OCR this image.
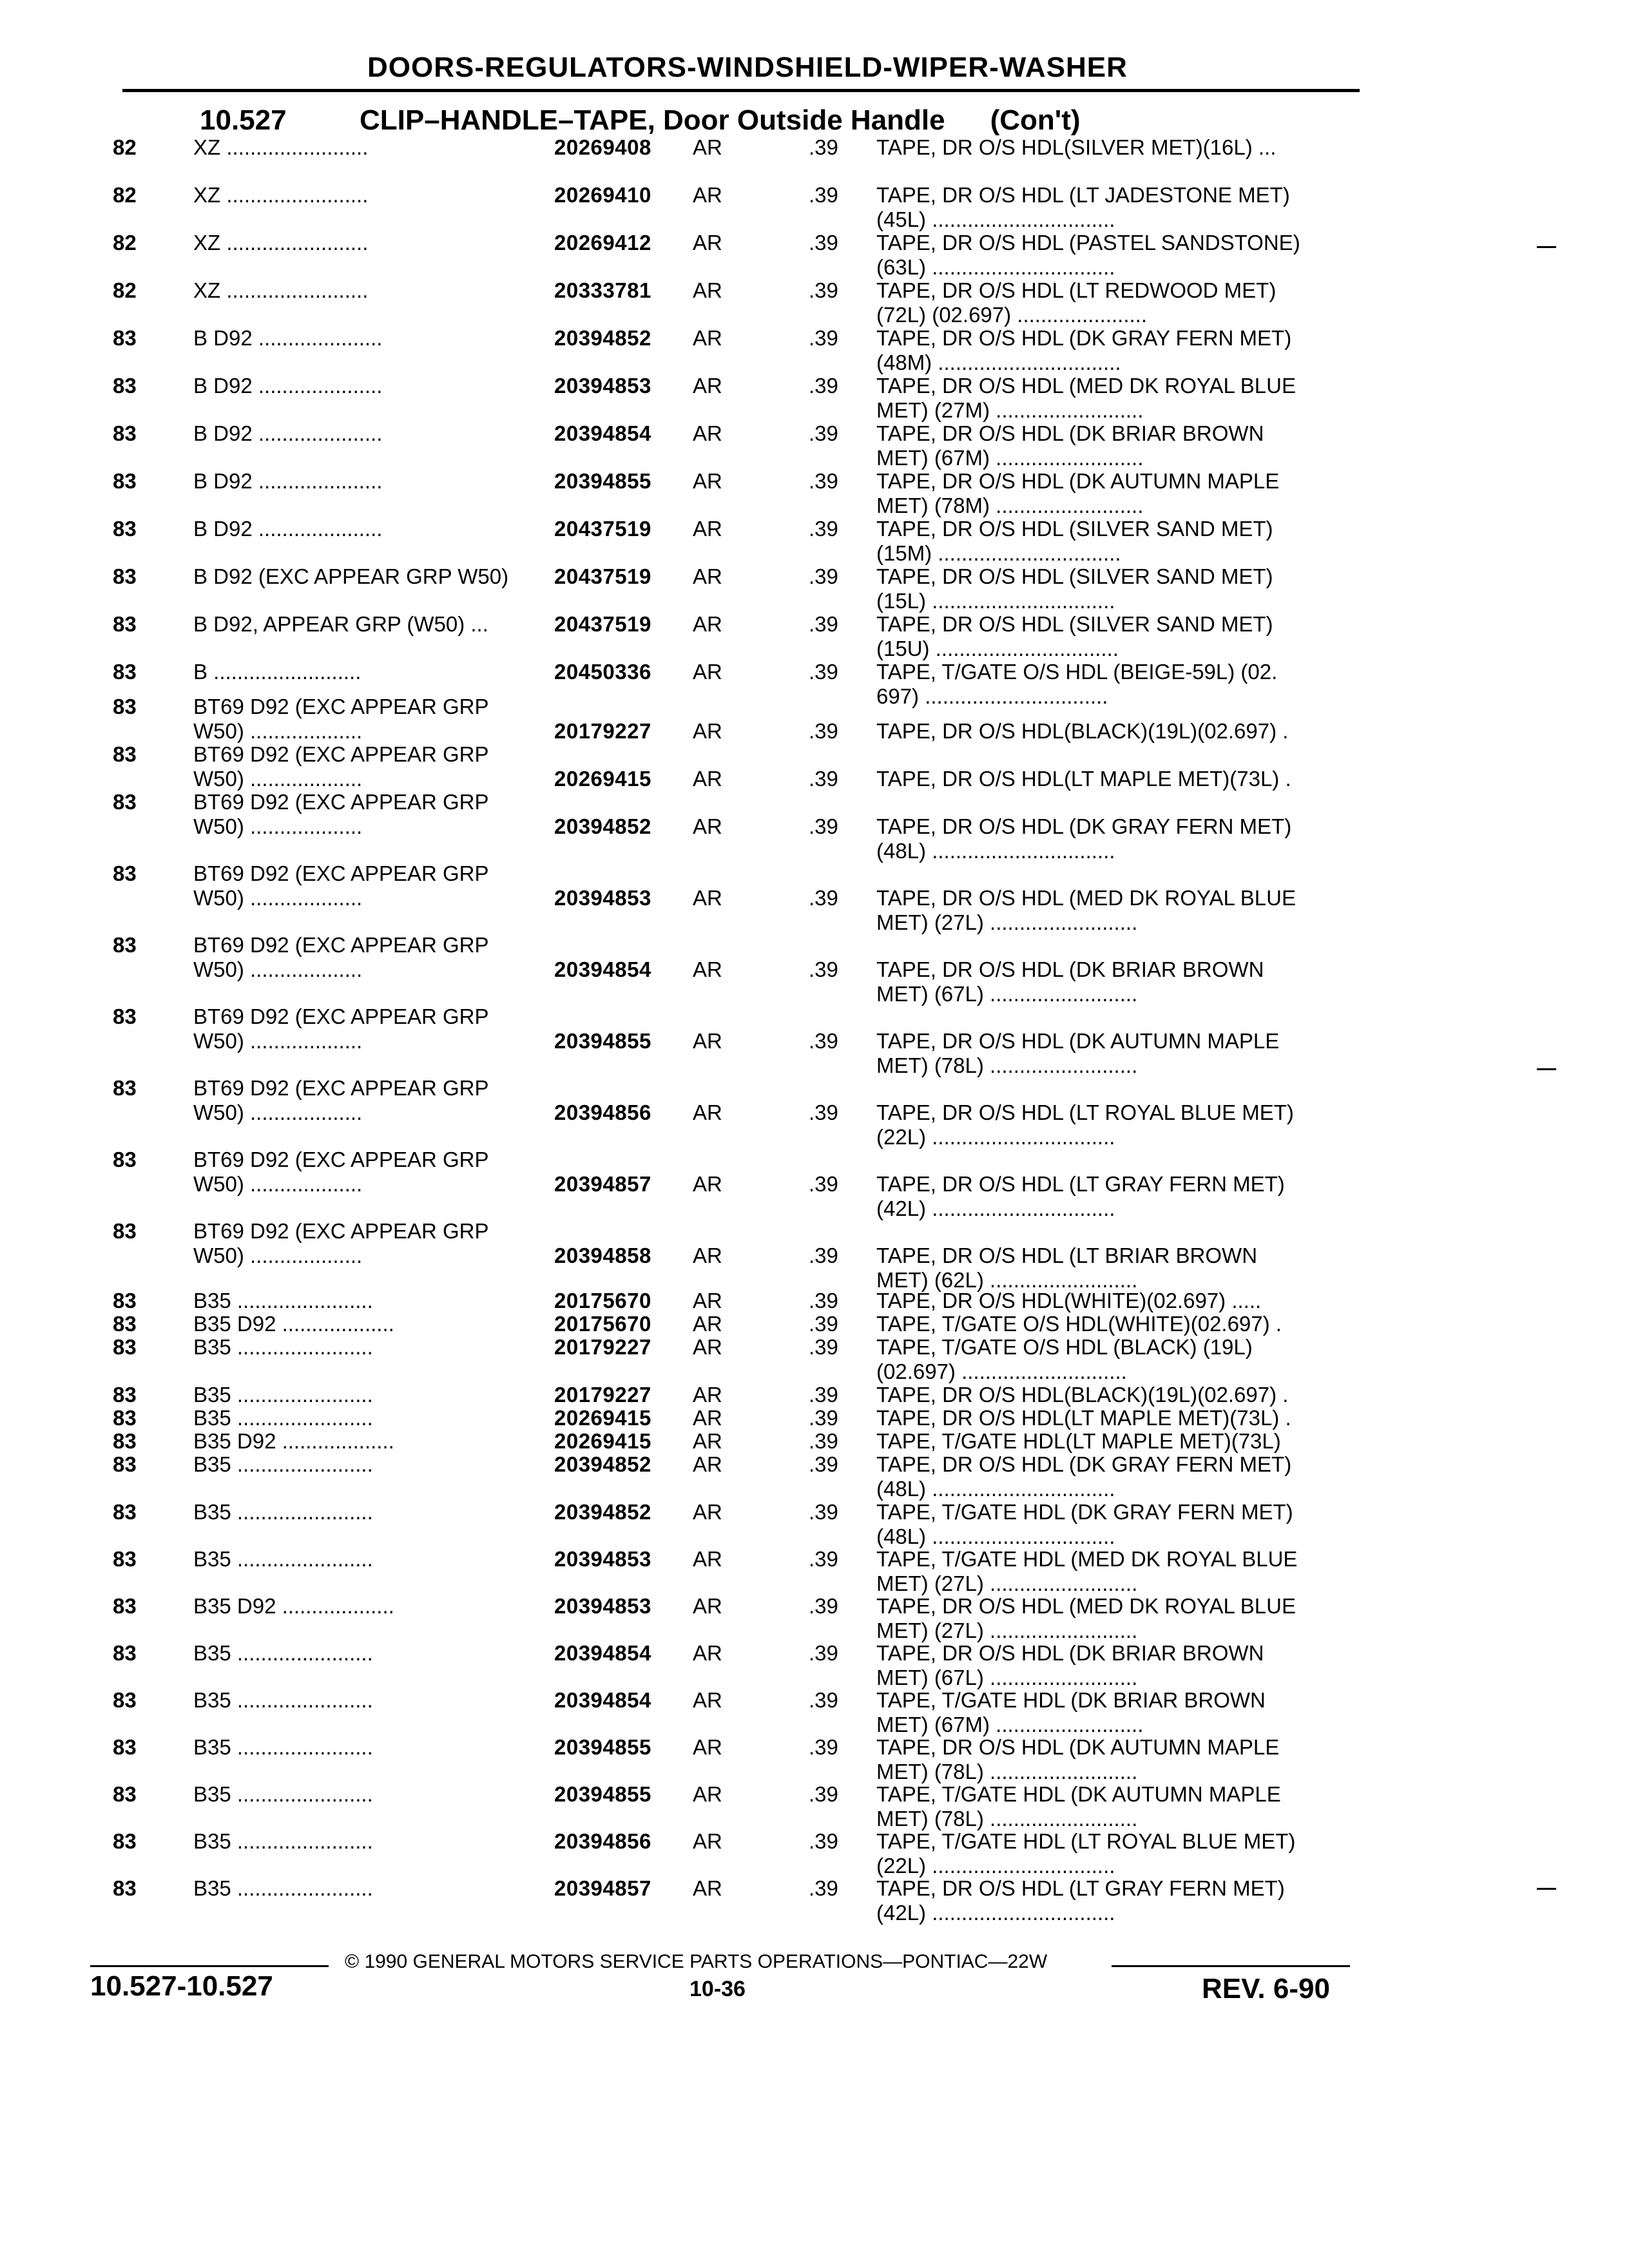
DOORS-REGULATORS-WINDSHIELD-WIPER-WASHER
10.527	CLIP–HANDLE–TAPE, Door Outside Handle (Con't)
82	XZ ........................	20269408	AR	.39	TAPE, DR O/S HDL(SILVER MET)(16L) ...
82	XZ ........................	20269410	AR	.39	TAPE, DR O/S HDL (LT JADESTONE MET)
(45L) ...............................
82	XZ ........................	20269412	AR	.39	TAPE, DR O/S HDL (PASTEL SANDSTONE)
(63L) ...............................
82	XZ ........................	20333781	AR	.39	TAPE, DR O/S HDL (LT REDWOOD MET)
(72L) (02.697) ......................
83	B D92 .....................	20394852	AR	.39	TAPE, DR O/S HDL (DK GRAY FERN MET)
(48M) ...............................
83	B D92 .....................	20394853	AR	.39	TAPE, DR O/S HDL (MED DK ROYAL BLUE
MET) (27M) .........................
83	B D92 .....................	20394854	AR	.39	TAPE, DR O/S HDL (DK BRIAR BROWN
MET) (67M) .........................
83	B D92 .....................	20394855	AR	.39	TAPE, DR O/S HDL (DK AUTUMN MAPLE
MET) (78M) .........................
83	B D92 .....................	20437519	AR	.39	TAPE, DR O/S HDL (SILVER SAND MET)
(15M) ...............................
83	B D92 (EXC APPEAR GRP W50)	20437519	AR	.39	TAPE, DR O/S HDL (SILVER SAND MET)
(15L) ...............................
83	B D92, APPEAR GRP (W50) ...	20437519	AR	.39	TAPE, DR O/S HDL (SILVER SAND MET)
(15U) ...............................
83	B .........................	20450336	AR	.39	TAPE, T/GATE O/S HDL (BEIGE-59L) (02.
697) ...............................
83	BT69 D92 (EXC APPEAR GRP
W50) ...................	20179227	AR	.39	TAPE, DR O/S HDL(BLACK)(19L)(02.697) .
83	BT69 D92 (EXC APPEAR GRP
W50) ...................	20269415	AR	.39	TAPE, DR O/S HDL(LT MAPLE MET)(73L) .
83	BT69 D92 (EXC APPEAR GRP
W50) ...................	20394852	AR	.39	TAPE, DR O/S HDL (DK GRAY FERN MET)
(48L) ...............................
83	BT69 D92 (EXC APPEAR GRP
W50) ...................	20394853	AR	.39	TAPE, DR O/S HDL (MED DK ROYAL BLUE
MET) (27L) .........................
83	BT69 D92 (EXC APPEAR GRP
W50) ...................	20394854	AR	.39	TAPE, DR O/S HDL (DK BRIAR BROWN
MET) (67L) .........................
83	BT69 D92 (EXC APPEAR GRP
W50) ...................	20394855	AR	.39	TAPE, DR O/S HDL (DK AUTUMN MAPLE
MET) (78L) .........................
83	BT69 D92 (EXC APPEAR GRP
W50) ...................	20394856	AR	.39	TAPE, DR O/S HDL (LT ROYAL BLUE MET)
(22L) ...............................
83	BT69 D92 (EXC APPEAR GRP
W50) ...................	20394857	AR	.39	TAPE, DR O/S HDL (LT GRAY FERN MET)
(42L) ...............................
83	BT69 D92 (EXC APPEAR GRP
W50) ...................	20394858	AR	.39	TAPE, DR O/S HDL (LT BRIAR BROWN
MET) (62L) .........................
83	B35 .......................	20175670	AR	.39	TAPE, DR O/S HDL(WHITE)(02.697) .....
83	B35 D92 ...................	20175670	AR	.39	TAPE, T/GATE O/S HDL(WHITE)(02.697) .
83	B35 .......................	20179227	AR	.39	TAPE, T/GATE O/S HDL (BLACK) (19L)
(02.697) ............................
83	B35 .......................	20179227	AR	.39	TAPE, DR O/S HDL(BLACK)(19L)(02.697) .
83	B35 .......................	20269415	AR	.39	TAPE, DR O/S HDL(LT MAPLE MET)(73L) .
83	B35 D92 ...................	20269415	AR	.39	TAPE, T/GATE HDL(LT MAPLE MET)(73L)
83	B35 .......................	20394852	AR	.39	TAPE, DR O/S HDL (DK GRAY FERN MET)
(48L) ...............................
83	B35 .......................	20394852	AR	.39	TAPE, T/GATE HDL (DK GRAY FERN MET)
(48L) ...............................
83	B35 .......................	20394853	AR	.39	TAPE, T/GATE HDL (MED DK ROYAL BLUE
MET) (27L) .........................
83	B35 D92 ...................	20394853	AR	.39	TAPE, DR O/S HDL (MED DK ROYAL BLUE
MET) (27L) .........................
83	B35 .......................	20394854	AR	.39	TAPE, DR O/S HDL (DK BRIAR BROWN
MET) (67L) .........................
83	B35 .......................	20394854	AR	.39	TAPE, T/GATE HDL (DK BRIAR BROWN
MET) (67M) .........................
83	B35 .......................	20394855	AR	.39	TAPE, DR O/S HDL (DK AUTUMN MAPLE
MET) (78L) .........................
83	B35 .......................	20394855	AR	.39	TAPE, T/GATE HDL (DK AUTUMN MAPLE
MET) (78L) .........................
83	B35 .......................	20394856	AR	.39	TAPE, T/GATE HDL (LT ROYAL BLUE MET)
(22L) ...............................
83	B35 .......................	20394857	AR	.39	TAPE, DR O/S HDL (LT GRAY FERN MET)
(42L) ...............................
© 1990 GENERAL MOTORS SERVICE PARTS OPERATIONS—PONTIAC—22W
10.527-10.527	10-36	REV. 6-90
